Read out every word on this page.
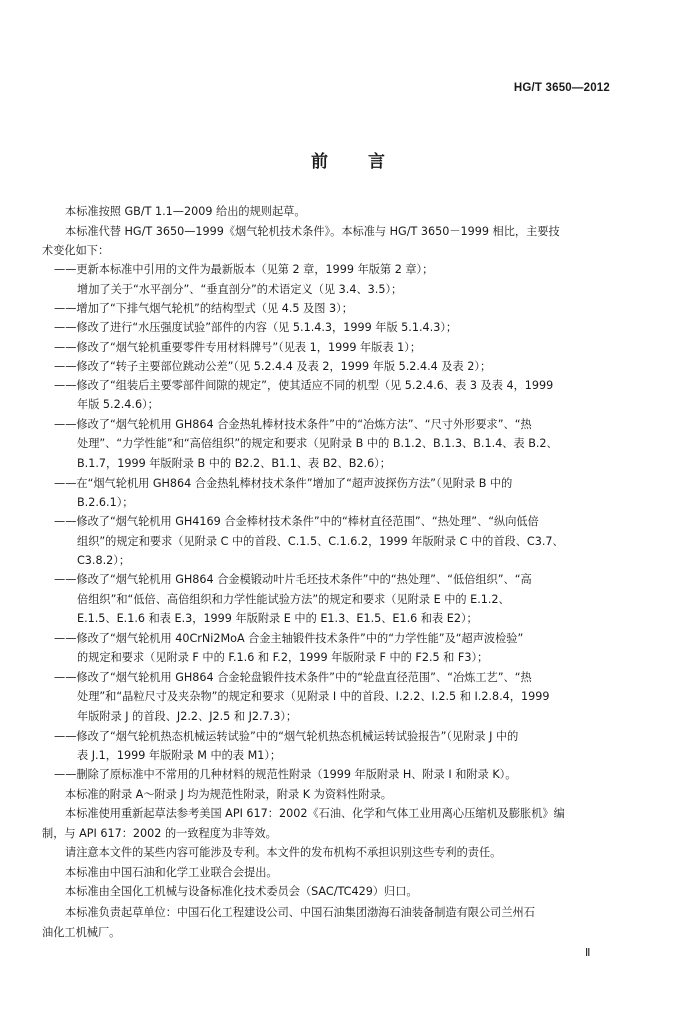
HG/T 3650—2012
前 言
本标准按照 GB/T 1.1—2009 给出的规则起草。
本标准代替 HG/T 3650—1999《烟气轮机技术条件》。本标准与 HG/T 3650－1999 相比，主要技
术变化如下：
——更新本标准中引用的文件为最新版本（见第 2 章，1999 年版第 2 章）；
增加了关于“水平剖分”、“垂直剖分”的术语定义（见 3.4、3.5）；
——增加了“下排气烟气轮机”的结构型式（见 4.5 及图 3）；
——修改了进行“水压强度试验”部件的内容（见 5.1.4.3，1999 年版 5.1.4.3）；
——修改了“烟气轮机重要零件专用材料牌号”（见表 1，1999 年版表 1）；
——修改了“转子主要部位跳动公差”（见 5.2.4.4 及表 2，1999 年版 5.2.4.4 及表 2）；
——修改了“组装后主要零部件间隙的规定”，使其适应不同的机型（见 5.2.4.6、表 3 及表 4，1999
年版 5.2.4.6）；
——修改了“烟气轮机用 GH864 合金热轧棒材技术条件”中的“冶炼方法”、“尺寸外形要求”、“热
处理”、“力学性能”和“高倍组织”的规定和要求（见附录 B 中的 B.1.2、B.1.3、B.1.4、表 B.2、
B.1.7，1999 年版附录 B 中的 B2.2、B1.1、表 B2、B2.6）；
——在“烟气轮机用 GH864 合金热轧棒材技术条件”增加了“超声波探伤方法”（见附录 B 中的
B.2.6.1）；
——修改了“烟气轮机用 GH4169 合金棒材技术条件”中的“棒材直径范围”、“热处理”、“纵向低倍
组织”的规定和要求（见附录 C 中的首段、C.1.5、C.1.6.2，1999 年版附录 C 中的首段、C3.7、
C3.8.2）；
——修改了“烟气轮机用 GH864 合金模锻动叶片毛坯技术条件”中的“热处理”、“低倍组织”、“高
倍组织”和“低倍、高倍组织和力学性能试验方法”的规定和要求（见附录 E 中的 E.1.2、
E.1.5、E.1.6 和表 E.3，1999 年版附录 E 中的 E1.3、E1.5、E1.6 和表 E2）；
——修改了“烟气轮机用 40CrNi2MoA 合金主轴锻件技术条件”中的“力学性能”及“超声波检验”
的规定和要求（见附录 F 中的 F.1.6 和 F.2，1999 年版附录 F 中的 F2.5 和 F3）；
——修改了“烟气轮机用 GH864 合金轮盘锻件技术条件”中的“轮盘直径范围”、“冶炼工艺”、“热
处理”和“晶粒尺寸及夹杂物”的规定和要求（见附录 I 中的首段、I.2.2、I.2.5 和 I.2.8.4，1999
年版附录 J 的首段、J2.2、J2.5 和 J2.7.3）；
——修改了“烟气轮机热态机械运转试验”中的“烟气轮机热态机械运转试验报告”（见附录 J 中的
表 J.1，1999 年版附录 M 中的表 M1）；
——删除了原标准中不常用的几种材料的规范性附录（1999 年版附录 H、附录 I 和附录 K）。
本标准的附录 A～附录 J 均为规范性附录，附录 K 为资料性附录。
本标准使用重新起草法参考美国 API 617：2002《石油、化学和气体工业用离心压缩机及膨胀机》编
制，与 API 617：2002 的一致程度为非等效。
请注意本文件的某些内容可能涉及专利。本文件的发布机构不承担识别这些专利的责任。
本标准由中国石油和化学工业联合会提出。
本标准由全国化工机械与设备标准化技术委员会（SAC/TC429）归口。
本标准负责起草单位：中国石化工程建设公司、中国石油集团渤海石油装备制造有限公司兰州石
油化工机械厂。
Ⅱ
